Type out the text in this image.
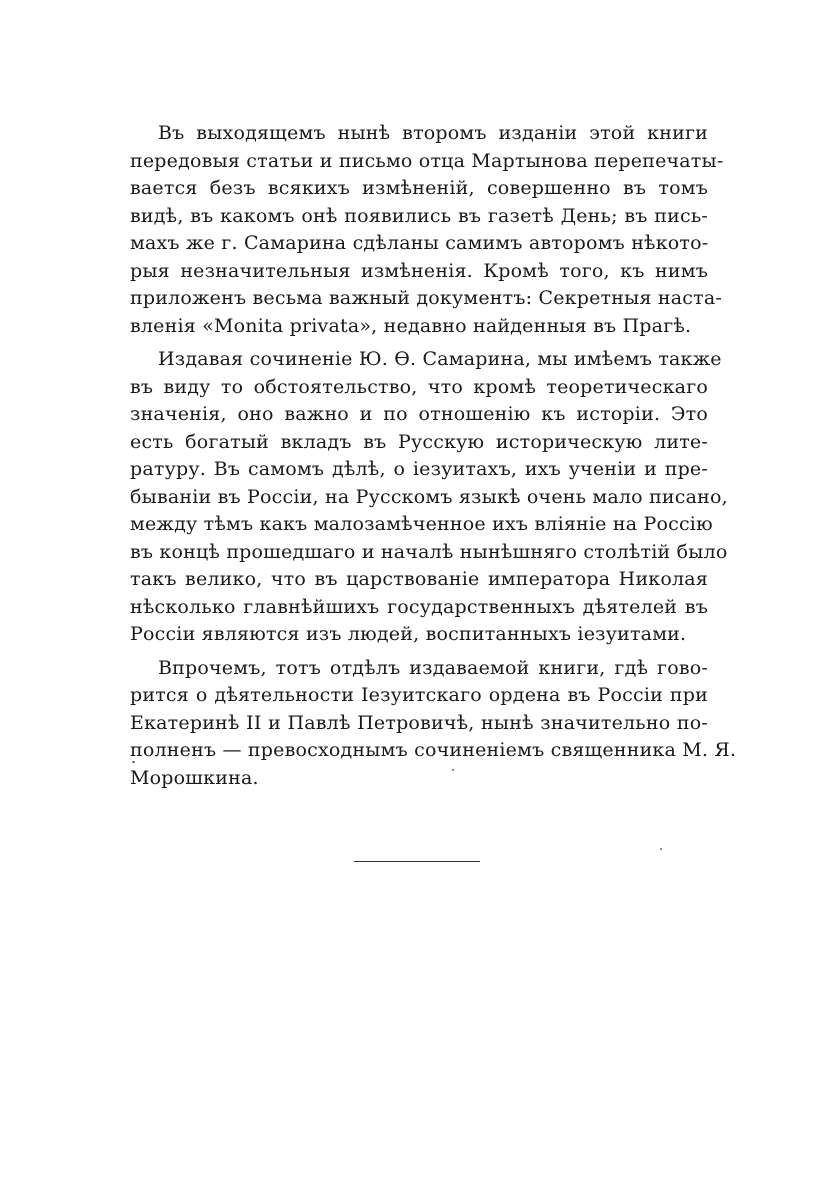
Въ выходящемъ нынѣ второмъ изданіи этой книги
передовыя статьи и письмо отца Мартынова перепечаты-
вается безъ всякихъ измѣненій, совершенно въ томъ
видѣ, въ какомъ онѣ появились въ газетѣ День; въ пись-
махъ же г. Самарина сдѣланы самимъ авторомъ нѣкото-
рыя незначительныя измѣненія. Кромѣ того, къ нимъ
приложенъ весьма важный документъ: Секретныя наста-
вленія «Monita privata», недавно найденныя въ Прагѣ.

Издавая сочиненіе Ю. Ѳ. Самарина, мы имѣемъ также
въ виду то обстоятельство, что кромѣ теоретическаго
значенія, оно важно и по отношенію къ исторіи. Это
есть богатый вкладъ въ Русскую историческую лите-
ратуру. Въ самомъ дѣлѣ, о іезуитахъ, ихъ ученіи и пре-
бываніи въ Россіи, на Русскомъ языкѣ очень мало писано,
между тѣмъ какъ малозамѣченное ихъ вліяніе на Россію
въ концѣ прошедшаго и началѣ нынѣшняго столѣтій было
такъ велико, что въ царствованіе императора Николая
нѣсколько главнѣйшихъ государственныхъ дѣятелей въ
Россіи являются изъ людей, воспитанныхъ іезуитами.

Впрочемъ, тотъ отдѣлъ издаваемой книги, гдѣ гово-
рится о дѣятельности Іезуитскаго ордена въ Россіи при
Екатеринѣ II и Павлѣ Петровичѣ, нынѣ значительно по-
полненъ — превосходнымъ сочиненіемъ священника М. Я.
Морошкина.
